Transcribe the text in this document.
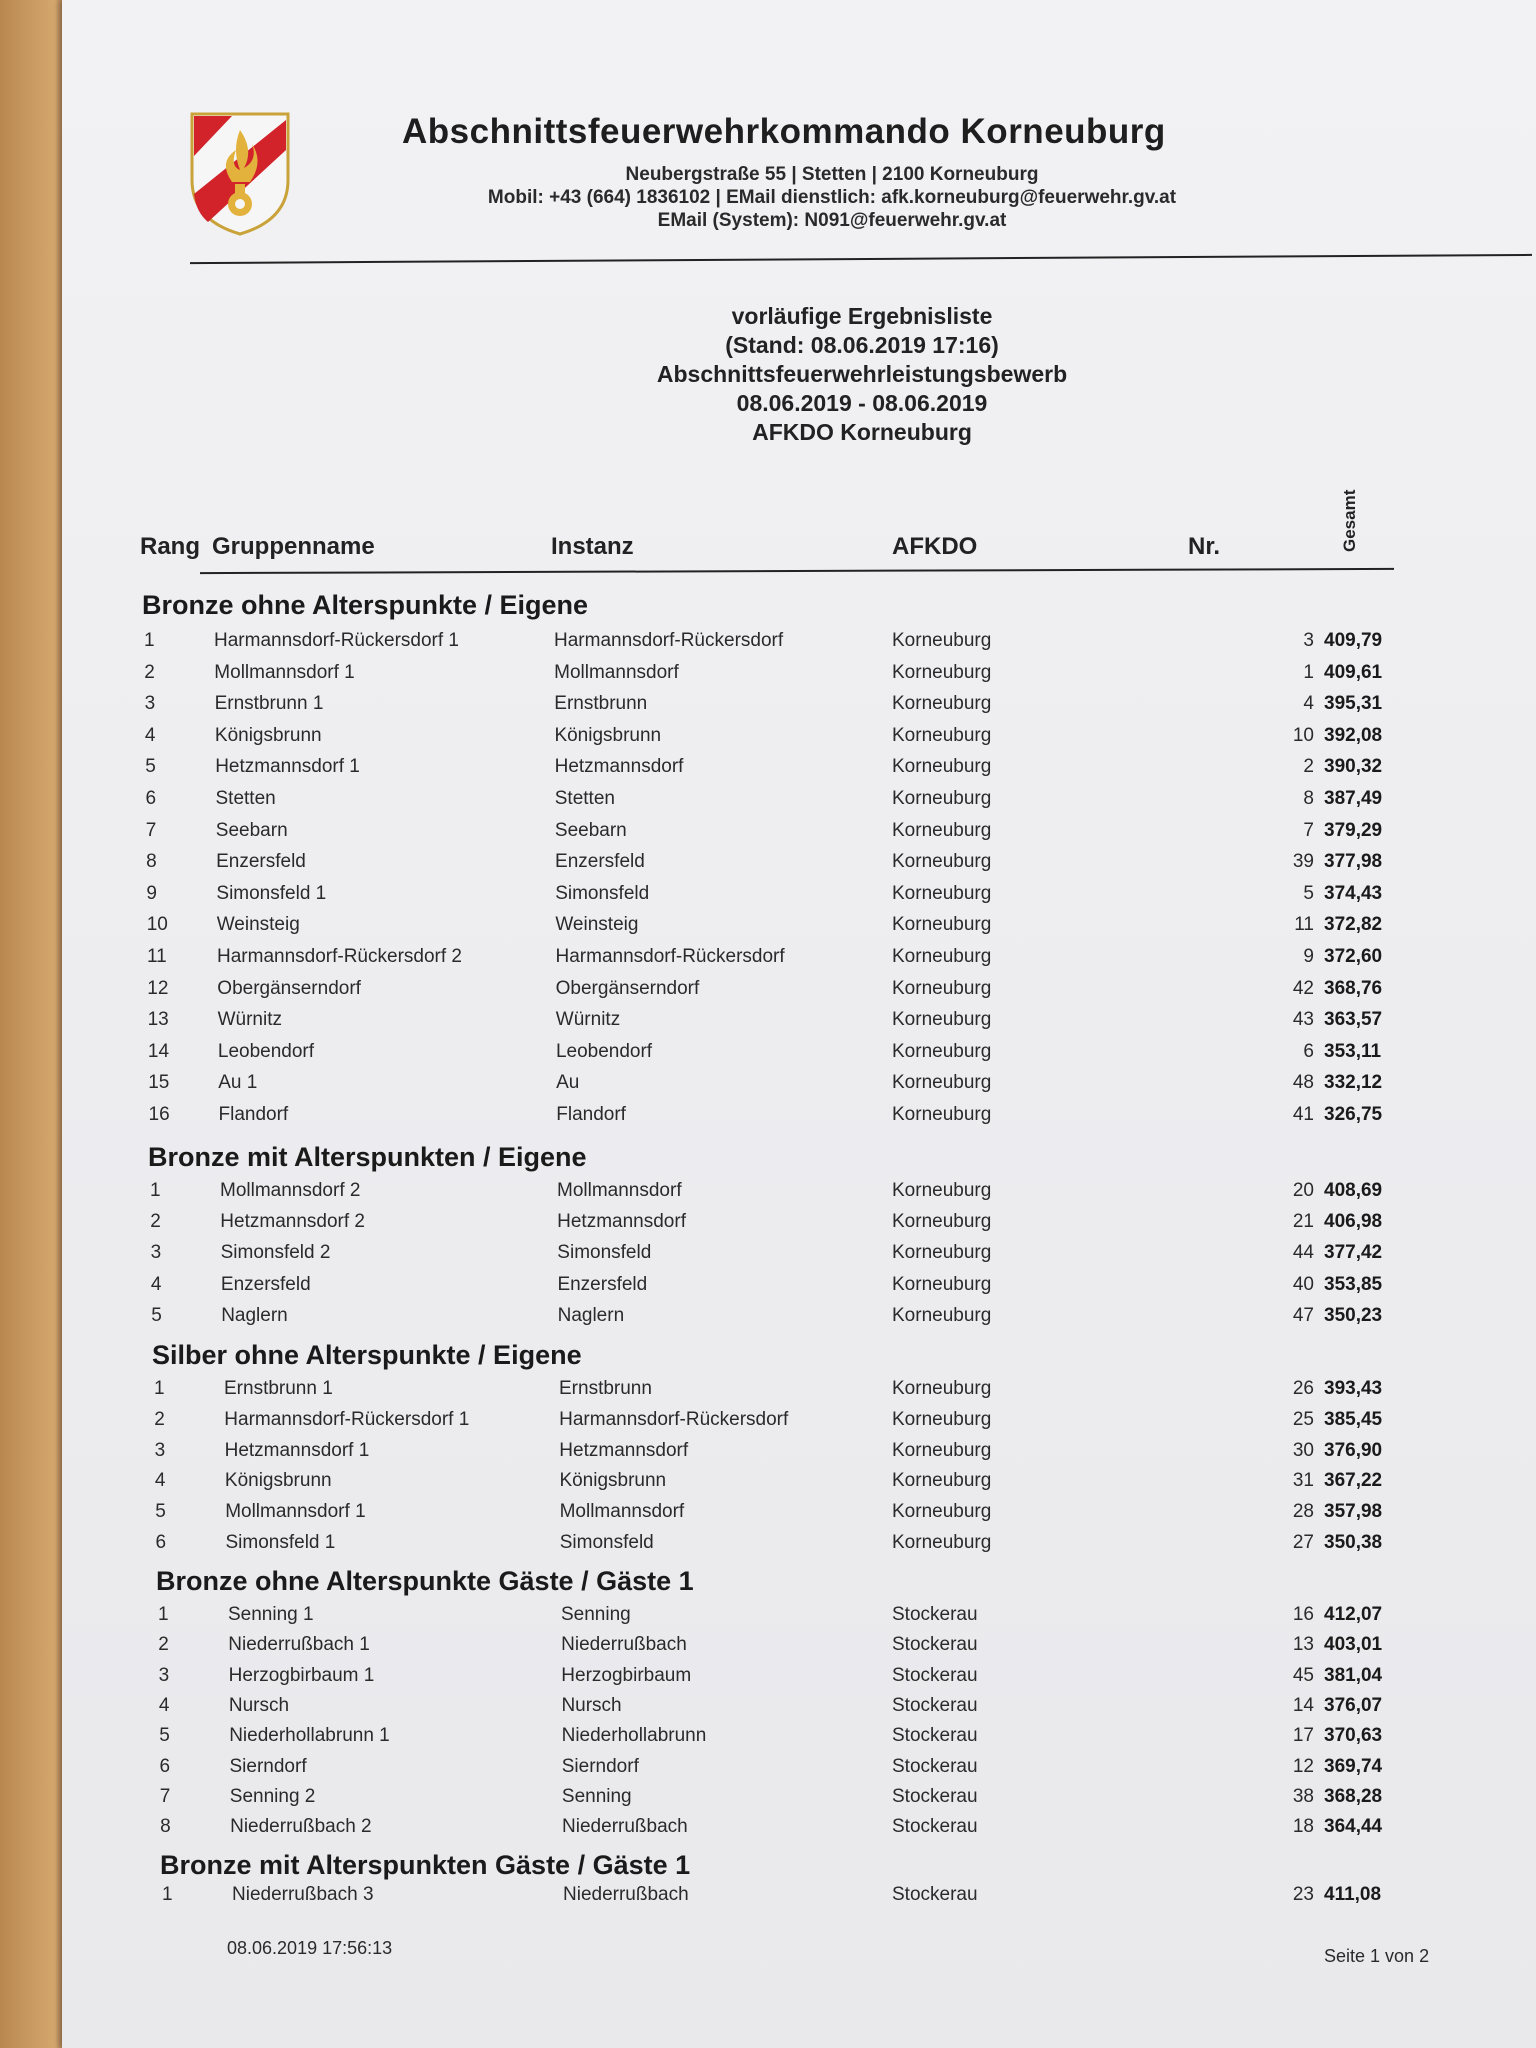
Abschnittsfeuerwehrkommando Korneuburg
Neubergstraße 55 | Stetten | 2100 Korneuburg
Mobil: +43 (664) 1836102 | EMail dienstlich: afk.korneuburg@feuerwehr.gv.at
EMail (System): N091@feuerwehr.gv.at
vorläufige Ergebnisliste
(Stand: 08.06.2019 17:16)
Abschnittsfeuerwehrleistungsbewerb
08.06.2019 - 08.06.2019
AFKDO Korneuburg
Rang Gruppenname	Instanz	AFKDO	Nr.	Gesamt
Bronze ohne Alterspunkte / Eigene
1	Harmannsdorf-Rückersdorf 1	Harmannsdorf-Rückersdorf	Korneuburg	3 409,79
2	Mollmannsdorf 1	Mollmannsdorf	Korneuburg	1 409,61
3	Ernstbrunn 1	Ernstbrunn	Korneuburg	4 395,31
4	Königsbrunn	Königsbrunn	Korneuburg	10 392,08
5	Hetzmannsdorf 1	Hetzmannsdorf	Korneuburg	2 390,32
6	Stetten	Stetten	Korneuburg	8 387,49
7	Seebarn	Seebarn	Korneuburg	7 379,29
8	Enzersfeld	Enzersfeld	Korneuburg	39 377,98
9	Simonsfeld 1	Simonsfeld	Korneuburg	5 374,43
10	Weinsteig	Weinsteig	Korneuburg	11 372,82
11	Harmannsdorf-Rückersdorf 2	Harmannsdorf-Rückersdorf	Korneuburg	9 372,60
12	Obergänserndorf	Obergänserndorf	Korneuburg	42 368,76
13	Würnitz	Würnitz	Korneuburg	43 363,57
14	Leobendorf	Leobendorf	Korneuburg	6 353,11
15	Au 1	Au	Korneuburg	48 332,12
16	Flandorf	Flandorf	Korneuburg	41 326,75
Bronze mit Alterspunkten / Eigene
1	Mollmannsdorf 2	Mollmannsdorf	Korneuburg	20 408,69
2	Hetzmannsdorf 2	Hetzmannsdorf	Korneuburg	21 406,98
3	Simonsfeld 2	Simonsfeld	Korneuburg	44 377,42
4	Enzersfeld	Enzersfeld	Korneuburg	40 353,85
5	Naglern	Naglern	Korneuburg	47 350,23
Silber ohne Alterspunkte / Eigene
1	Ernstbrunn 1	Ernstbrunn	Korneuburg	26 393,43
2	Harmannsdorf-Rückersdorf 1	Harmannsdorf-Rückersdorf	Korneuburg	25 385,45
3	Hetzmannsdorf 1	Hetzmannsdorf	Korneuburg	30 376,90
4	Königsbrunn	Königsbrunn	Korneuburg	31 367,22
5	Mollmannsdorf 1	Mollmannsdorf	Korneuburg	28 357,98
6	Simonsfeld 1	Simonsfeld	Korneuburg	27 350,38
Bronze ohne Alterspunkte Gäste / Gäste 1
1	Senning 1	Senning	Stockerau	16 412,07
2	Niederrußbach 1	Niederrußbach	Stockerau	13 403,01
3	Herzogbirbaum 1	Herzogbirbaum	Stockerau	45 381,04
4	Nursch	Nursch	Stockerau	14 376,07
5	Niederhollabrunn 1	Niederhollabrunn	Stockerau	17 370,63
6	Sierndorf	Sierndorf	Stockerau	12 369,74
7	Senning 2	Senning	Stockerau	38 368,28
8	Niederrußbach 2	Niederrußbach	Stockerau	18 364,44
Bronze mit Alterspunkten Gäste / Gäste 1
1	Niederrußbach 3	Niederrußbach	Stockerau	23 411,08
08.06.2019 17:56:13	Seite 1 von 2
